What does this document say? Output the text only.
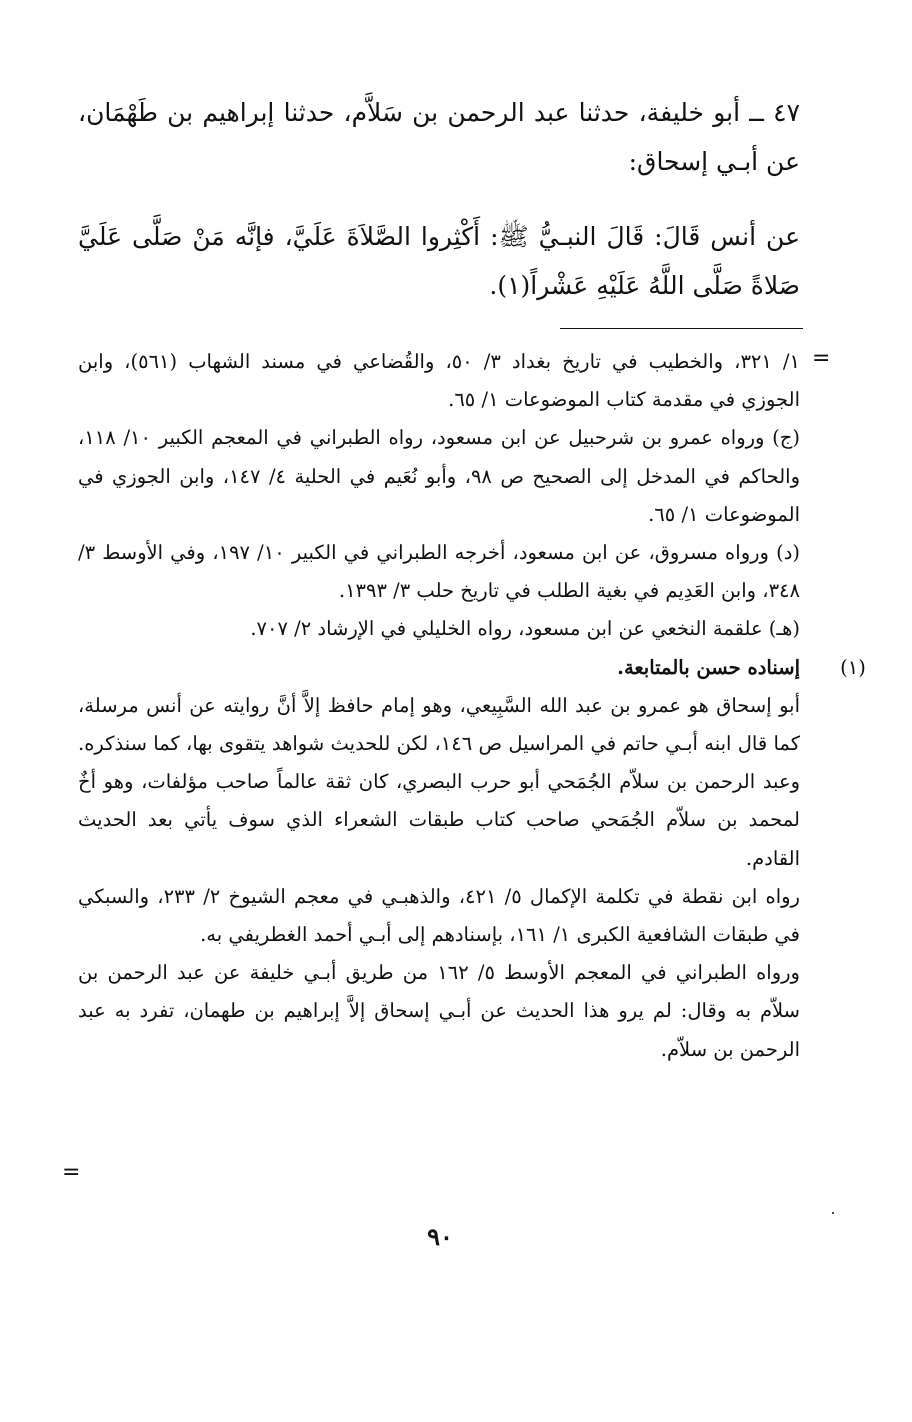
٤٧ ــ أبو خليفة، حدثنا عبد الرحمن بن سَلاَّم، حدثنا إبراهيم بن طَهْمَان، عن أبـي إسحاق:
عن أنس قَالَ: قَالَ النبـيُّ ﷺ: أَكْثِروا الصَّلاَةَ عَلَيَّ، فإنَّه مَنْ صَلَّى عَلَيَّ صَلاةً صَلَّى اللَّهُ عَلَيْهِ عَشْراً(١).
=

١/ ٣٢١، والخطيب في تاريخ بغداد ٣/ ٥٠، والقُضاعي في مسند الشهاب (٥٦١)، وابن الجوزي في مقدمة كتاب الموضوعات ١/ ٦٥.

(ج) ورواه عمرو بن شرحبيل عن ابن مسعود، رواه الطبراني في المعجم الكبير ١٠/ ١١٨، والحاكم في المدخل إلى الصحيح ص ٩٨، وأبو نُعَيم في الحلية ٤/ ١٤٧، وابن الجوزي في الموضوعات ١/ ٦٥.

(د) ورواه مسروق، عن ابن مسعود، أخرجه الطبراني في الكبير ١٠/ ١٩٧، وفي الأوسط ٣/ ٣٤٨، وابن العَدِيم في بغية الطلب في تاريخ حلب ٣/ ١٣٩٣.

(هـ) علقمة النخعي عن ابن مسعود، رواه الخليلي في الإرشاد ٢/ ٧٠٧.

(١)

إسناده حسن بالمتابعة.

أبو إسحاق هو عمرو بن عبد الله السَّبِيعي، وهو إمام حافظ إلاَّ أنَّ روايته عن أنس مرسلة، كما قال ابنه أبـي حاتم في المراسيل ص ١٤٦، لكن للحديث شواهد يتقوى بها، كما سنذكره. وعبد الرحمن بن سلاّم الجُمَحي أبو حرب البصري، كان ثقة عالماً صاحب مؤلفات، وهو أخٌ لمحمد بن سلاّم الجُمَحي صاحب كتاب طبقات الشعراء الذي سوف يأتي بعد الحديث القادم.

رواه ابن نقطة في تكلمة الإكمال ٥/ ٤٢١، والذهبـي في معجم الشيوخ ٢/ ٢٣٣، والسبكي في طبقات الشافعية الكبرى ١/ ١٦١، بإسنادهم إلى أبـي أحمد الغطريفي به.

ورواه الطبراني في المعجم الأوسط ٥/ ١٦٢ من طريق أبـي خليفة عن عبد الرحمن بن سلاّم به وقال: لم يرو هذا الحديث عن أبـي إسحاق إلاَّ إبراهيم بن طهمان، تفرد به عبد الرحمن بن سلاّم.

=
٩٠
